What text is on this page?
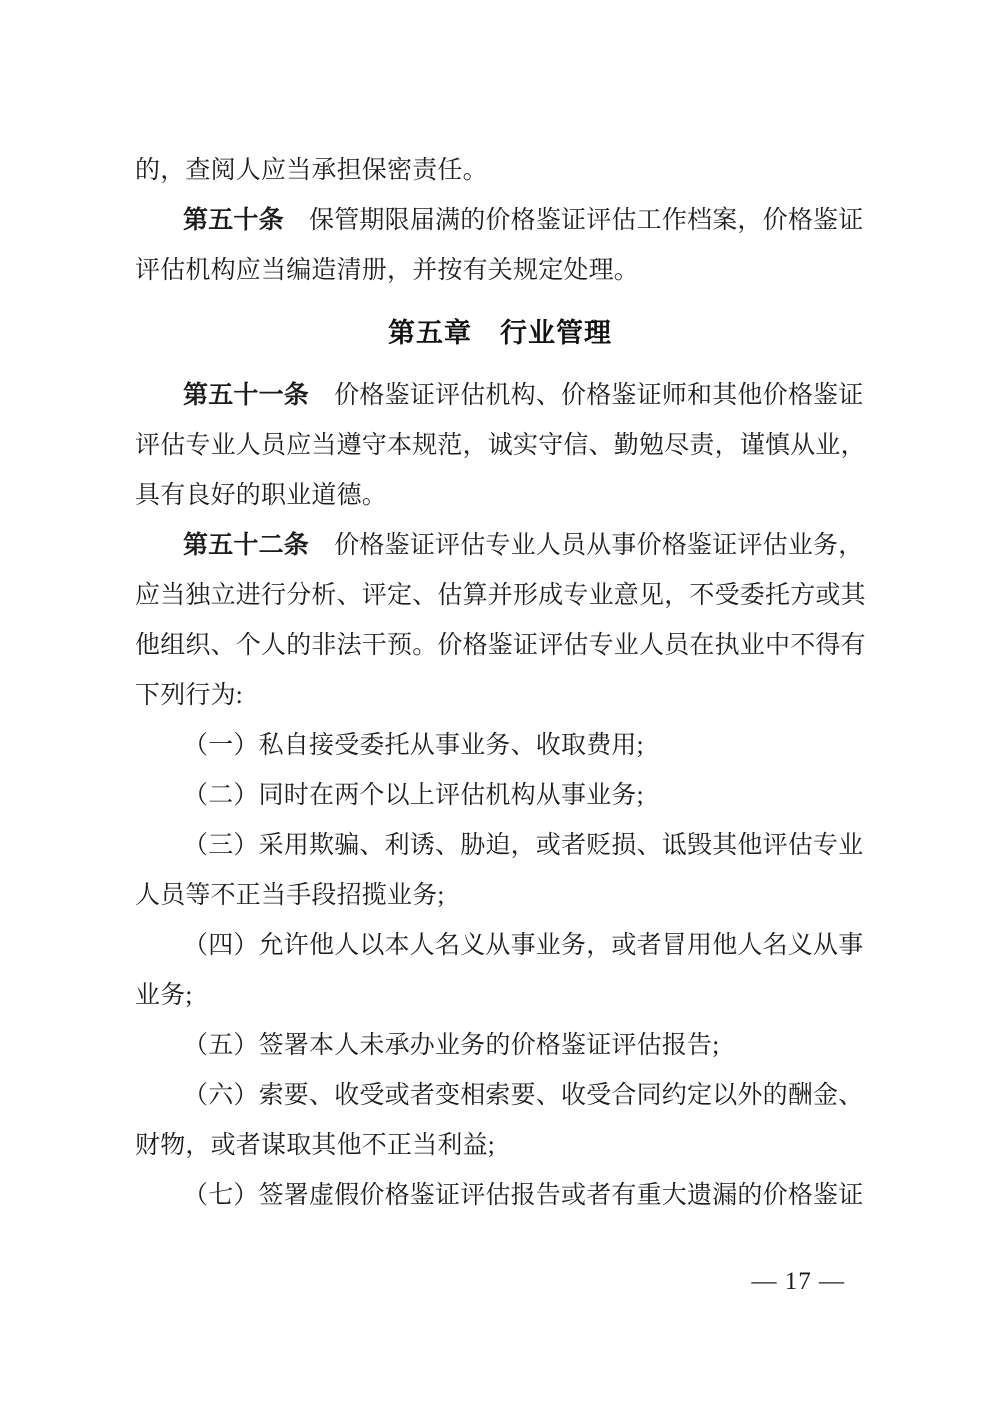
的，查阅人应当承担保密责任。
第五十条　保管期限届满的价格鉴证评估工作档案，价格鉴证
评估机构应当编造清册，并按有关规定处理。
第五章　行业管理
第五十一条　价格鉴证评估机构、价格鉴证师和其他价格鉴证
评估专业人员应当遵守本规范，诚实守信、勤勉尽责，谨慎从业，
具有良好的职业道德。
第五十二条　价格鉴证评估专业人员从事价格鉴证评估业务，
应当独立进行分析、评定、估算并形成专业意见，不受委托方或其
他组织、个人的非法干预。价格鉴证评估专业人员在执业中不得有
下列行为:
（一）私自接受委托从事业务、收取费用;
（二）同时在两个以上评估机构从事业务;
（三）采用欺骗、利诱、胁迫，或者贬损、诋毁其他评估专业
人员等不正当手段招揽业务;
（四）允许他人以本人名义从事业务，或者冒用他人名义从事
业务;
（五）签署本人未承办业务的价格鉴证评估报告;
（六）索要、收受或者变相索要、收受合同约定以外的酬金、
财物，或者谋取其他不正当利益;
（七）签署虚假价格鉴证评估报告或者有重大遗漏的价格鉴证
— 17 —
